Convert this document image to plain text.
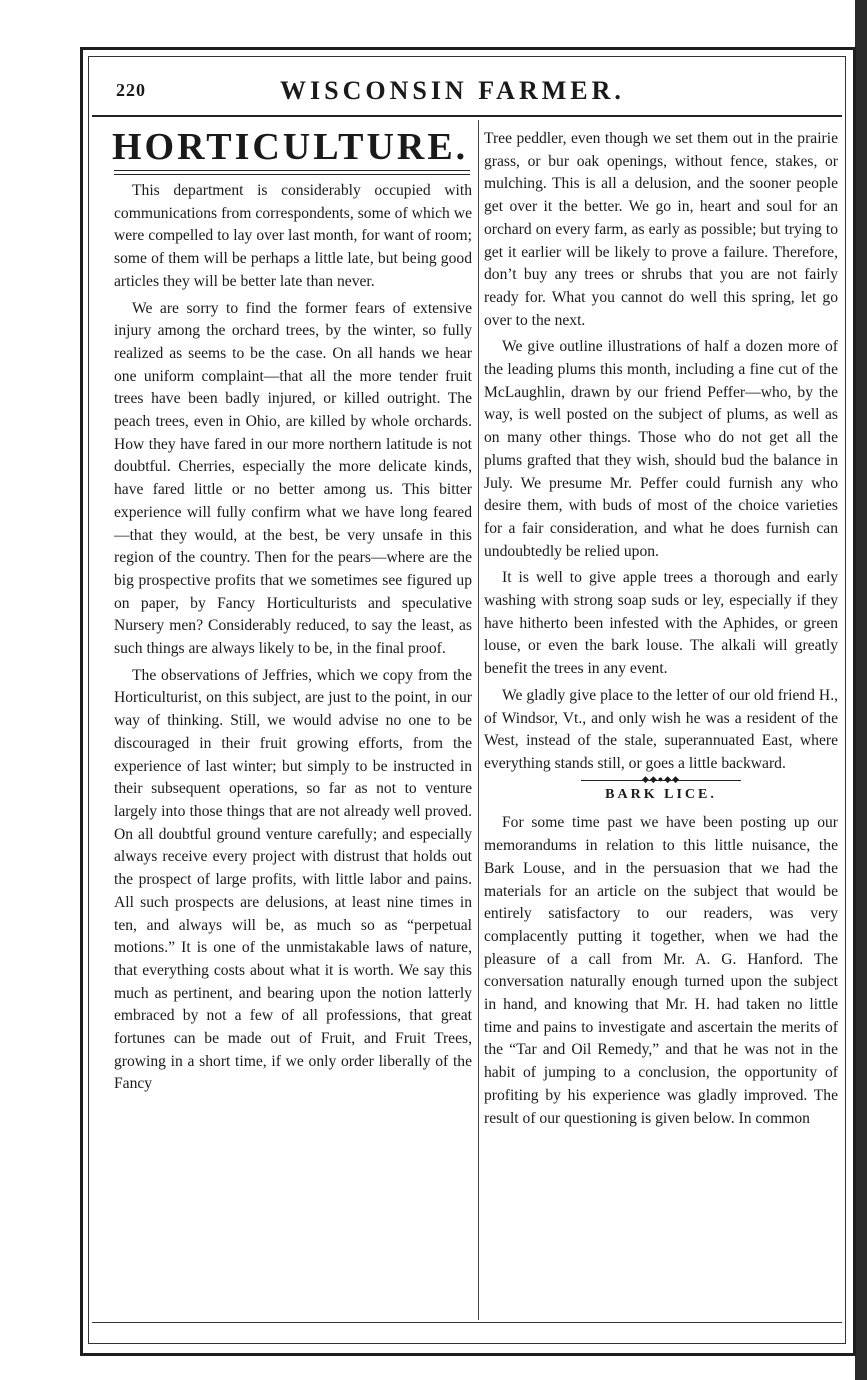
220	WISCONSIN FARMER.
HORTICULTURE.

This department is considerably occupied with communications from correspondents, some of which we were compelled to lay over last month, for want of room; some of them will be perhaps a little late, but being good articles they will be better late than never.

We are sorry to find the former fears of extensive injury among the orchard trees, by the winter, so fully realized as seems to be the case. On all hands we hear one uniform complaint—that all the more tender fruit trees have been badly injured, or killed outright. The peach trees, even in Ohio, are killed by whole orchards. How they have fared in our more northern latitude is not doubtful. Cherries, especially the more delicate kinds, have fared little or no better among us. This bitter experience will fully confirm what we have long feared—that they would, at the best, be very unsafe in this region of the country. Then for the pears—where are the big prospective profits that we sometimes see figured up on paper, by Fancy Horticulturists and speculative Nursery men? Considerably reduced, to say the least, as such things are always likely to be, in the final proof.

The observations of Jeffries, which we copy from the Horticulturist, on this subject, are just to the point, in our way of thinking. Still, we would advise no one to be discouraged in their fruit growing efforts, from the experience of last winter; but simply to be instructed in their subsequent operations, so far as not to venture largely into those things that are not already well proved. On all doubtful ground venture carefully; and especially always receive every project with distrust that holds out the prospect of large profits, with little labor and pains. All such prospects are delusions, at least nine times in ten, and always will be, as much so as “perpetual motions.” It is one of the unmistakable laws of nature, that everything costs about what it is worth. We say this much as pertinent, and bearing upon the notion latterly embraced by not a few of all professions, that great fortunes can be made out of Fruit, and Fruit Trees, growing in a short time, if we only order liberally of the Fancy

Tree peddler, even though we set them out in the prairie grass, or bur oak openings, without fence, stakes, or mulching. This is all a delusion, and the sooner people get over it the better. We go in, heart and soul for an orchard on every farm, as early as possible; but trying to get it earlier will be likely to prove a failure. Therefore, don’t buy any trees or shrubs that you are not fairly ready for. What you cannot do well this spring, let go over to the next.

We give outline illustrations of half a dozen more of the leading plums this month, including a fine cut of the McLaughlin, drawn by our friend Peffer—who, by the way, is well posted on the subject of plums, as well as on many other things. Those who do not get all the plums grafted that they wish, should bud the balance in July. We presume Mr. Peffer could furnish any who desire them, with buds of most of the choice varieties for a fair consideration, and what he does furnish can undoubtedly be relied upon.

It is well to give apple trees a thorough and early washing with strong soap suds or ley, especially if they have hitherto been infested with the Aphides, or green louse, or even the bark louse. The alkali will greatly benefit the trees in any event.

We gladly give place to the letter of our old friend H., of Windsor, Vt., and only wish he was a resident of the West, instead of the stale, superannuated East, where everything stands still, or goes a little backward.

◆◆●◆◆
BARK LICE.

For some time past we have been posting up our memorandums in relation to this little nuisance, the Bark Louse, and in the persuasion that we had the materials for an article on the subject that would be entirely satisfactory to our readers, was very complacently putting it together, when we had the pleasure of a call from Mr. A. G. Hanford. The conversation naturally enough turned upon the subject in hand, and knowing that Mr. H. had taken no little time and pains to investigate and ascertain the merits of the “Tar and Oil Remedy,” and that he was not in the habit of jumping to a conclusion, the opportunity of profiting by his experience was gladly improved. The result of our questioning is given below. In common
